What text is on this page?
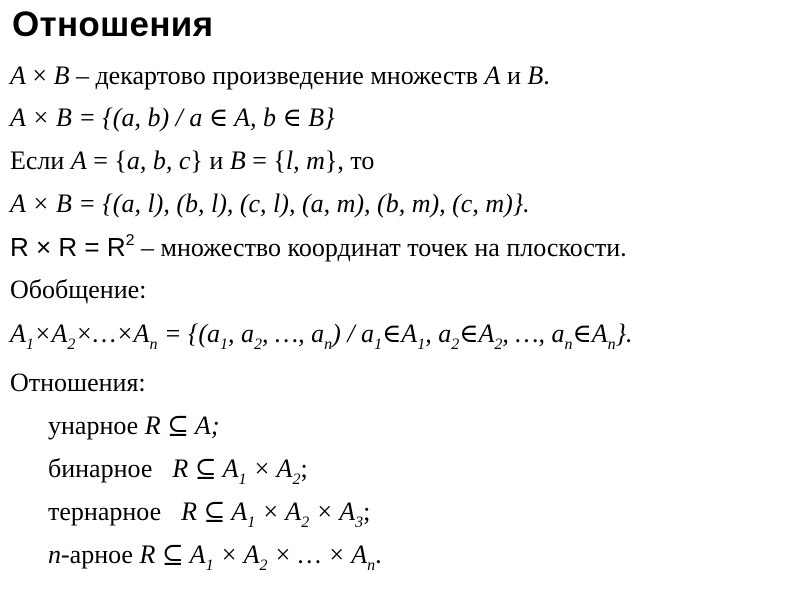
Отношения
A × B – декартово произведение множеств A и B.
A × B = {(a, b) / a ∈ A, b ∈ B}
Если A = {a, b, c} и B = {l, m}, то
A × B = {(a, l), (b, l), (c, l), (a, m), (b, m), (c, m)}.
$R \times R = R^2$ – множество координат точек на плоскости.
Обобщение:
$A_1\times A_2\times\dots\times A_n = \{(a_1$, $a_2$, …, $a_n$) / $a_1\in A_1$, $a_2\in A_2$, …, $a_n\in A_n$}.
Отношения:
унарное R ⊆ A;
бинарное R ⊆ $A_1 \times A_2$;
тернарное R ⊆ $A_1 \times A_2 \times A_3$;
n-арное R ⊆ $A_1 \times A_2$ × … × $A_n$.
